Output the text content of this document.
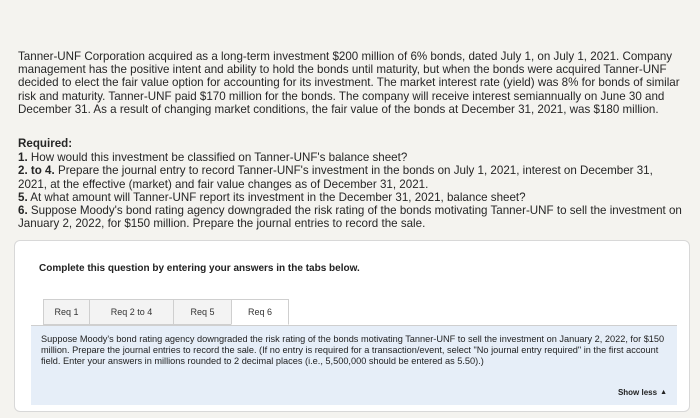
Tanner-UNF Corporation acquired as a long-term investment $200 million of 6% bonds, dated July 1, on July 1, 2021. Company management has the positive intent and ability to hold the bonds until maturity, but when the bonds were acquired Tanner-UNF decided to elect the fair value option for accounting for its investment. The market interest rate (yield) was 8% for bonds of similar risk and maturity. Tanner-UNF paid $170 million for the bonds. The company will receive interest semiannually on June 30 and December 31. As a result of changing market conditions, the fair value of the bonds at December 31, 2021, was $180 million.

Required:

1. How would this investment be classified on Tanner-UNF's balance sheet?

2. to 4. Prepare the journal entry to record Tanner-UNF's investment in the bonds on July 1, 2021, interest on December 31, 2021, at the effective (market) and fair value changes as of December 31, 2021.

5. At what amount will Tanner-UNF report its investment in the December 31, 2021, balance sheet?

6. Suppose Moody's bond rating agency downgraded the risk rating of the bonds motivating Tanner-UNF to sell the investment on January 2, 2022, for $150 million. Prepare the journal entries to record the sale.

Complete this question by entering your answers in the tabs below.
Req 1	Req 2 to 4	Req 5	Req 6

Suppose Moody's bond rating agency downgraded the risk rating of the bonds motivating Tanner-UNF to sell the investment on January 2, 2022, for $150 million. Prepare the journal entries to record the sale. (If no entry is required for a transaction/event, select "No journal entry required" in the first account field. Enter your answers in millions rounded to 2 decimal places (i.e., 5,500,000 should be entered as 5.50).)

Show less ▲
